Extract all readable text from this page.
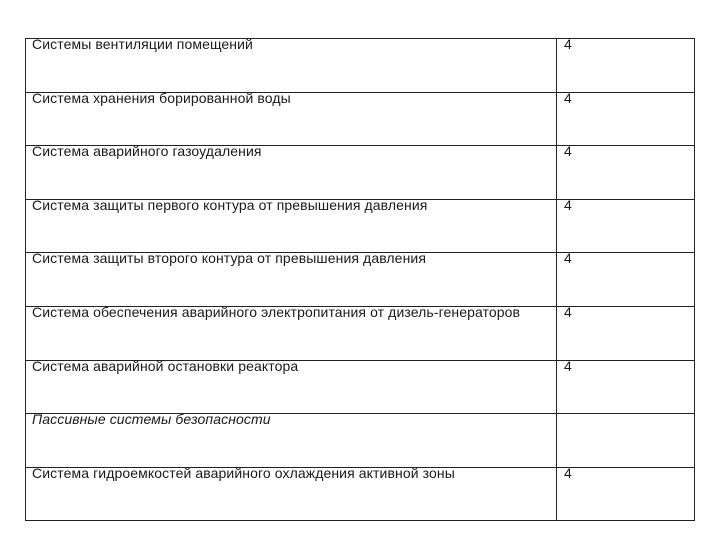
Системы вентиляции помещений	4

Система хранения борированной воды	4

Система аварийного газоудаления	4

Система защиты первого контура от превышения давления	4

Система защиты второго контура от превышения давления	4

Система обеспечения аварийного электропитания от дизель-генераторов	4

Система аварийной остановки реактора	4

Пассивные системы безопасности	

Система гидроемкостей аварийного охлаждения активной зоны	4
